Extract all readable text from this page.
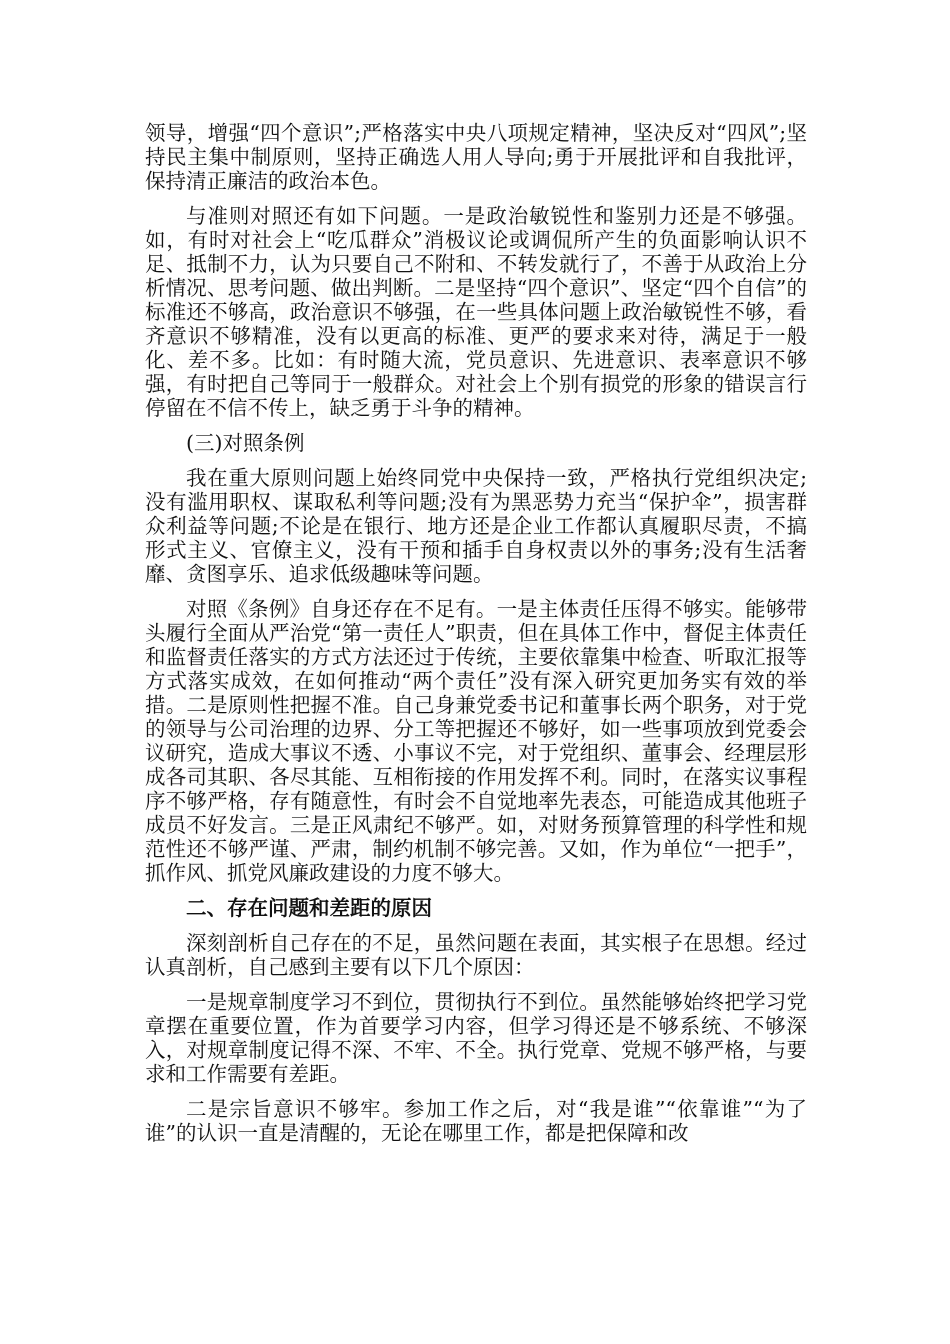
领导，增强“四个意识”;严格落实中央八项规定精神，坚决反对“四风”;坚持民主集中制原则，坚持正确选人用人导向;勇于开展批评和自我批评，保持清正廉洁的政治本色。

与准则对照还有如下问题。一是政治敏锐性和鉴别力还是不够强。如，有时对社会上“吃瓜群众”消极议论或调侃所产生的负面影响认识不足、抵制不力，认为只要自己不附和、不转发就行了，不善于从政治上分析情况、思考问题、做出判断。二是坚持“四个意识”、坚定“四个自信”的标准还不够高，政治意识不够强，在一些具体问题上政治敏锐性不够，看齐意识不够精准，没有以更高的标准、更严的要求来对待，满足于一般化、差不多。比如：有时随大流，党员意识、先进意识、表率意识不够强，有时把自己等同于一般群众。对社会上个别有损党的形象的错误言行停留在不信不传上，缺乏勇于斗争的精神。

(三)对照条例

我在重大原则问题上始终同党中央保持一致，严格执行党组织决定;没有滥用职权、谋取私利等问题;没有为黑恶势力充当“保护伞”，损害群众利益等问题;不论是在银行、地方还是企业工作都认真履职尽责，不搞形式主义、官僚主义，没有干预和插手自身权责以外的事务;没有生活奢靡、贪图享乐、追求低级趣味等问题。

对照《条例》自身还存在不足有。一是主体责任压得不够实。能够带头履行全面从严治党“第一责任人”职责，但在具体工作中，督促主体责任和监督责任落实的方式方法还过于传统，主要依靠集中检查、听取汇报等方式落实成效，在如何推动“两个责任”没有深入研究更加务实有效的举措。二是原则性把握不准。自己身兼党委书记和董事长两个职务，对于党的领导与公司治理的边界、分工等把握还不够好，如一些事项放到党委会议研究，造成大事议不透、小事议不完，对于党组织、董事会、经理层形成各司其职、各尽其能、互相衔接的作用发挥不利。同时，在落实议事程序不够严格，存有随意性，有时会不自觉地率先表态，可能造成其他班子成员不好发言。三是正风肃纪不够严。如，对财务预算管理的科学性和规范性还不够严谨、严肃，制约机制不够完善。又如，作为单位“一把手”，抓作风、抓党风廉政建设的力度不够大。

二、存在问题和差距的原因

深刻剖析自己存在的不足，虽然问题在表面，其实根子在思想。经过认真剖析，自己感到主要有以下几个原因：

一是规章制度学习不到位，贯彻执行不到位。虽然能够始终把学习党章摆在重要位置，作为首要学习内容，但学习得还是不够系统、不够深入，对规章制度记得不深、不牢、不全。执行党章、党规不够严格，与要求和工作需要有差距。

二是宗旨意识不够牢。参加工作之后，对“我是谁”“依靠谁”“为了谁”的认识一直是清醒的，无论在哪里工作，都是把保障和改
